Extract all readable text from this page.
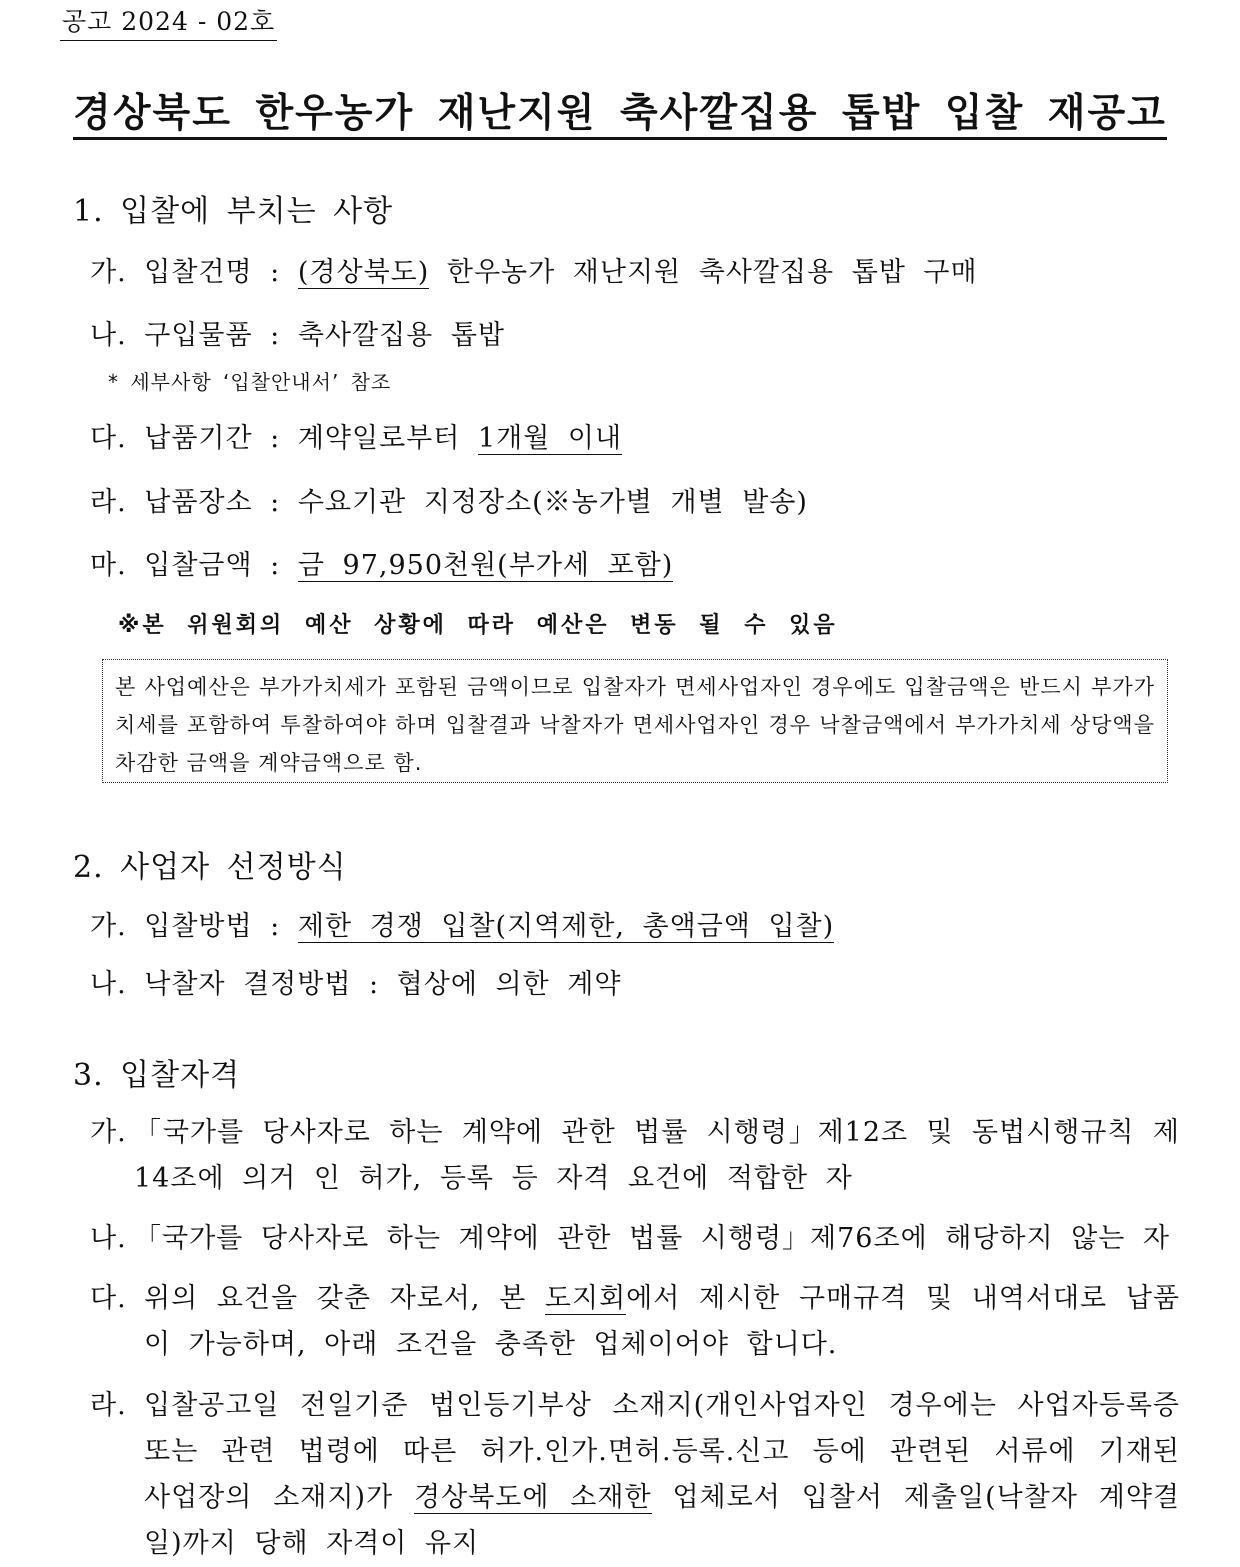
공고 2024 - 02호
경상북도 한우농가 재난지원 축사깔집용 톱밥 입찰 재공고
1. 입찰에 부치는 사항
가. 입찰건명 : (경상북도) 한우농가 재난지원 축사깔집용 톱밥 구매
나. 구입물품 : 축사깔집용 톱밥
* 세부사항 ‘입찰안내서’ 참조
다. 납품기간 : 계약일로부터 1개월 이내
라. 납품장소 : 수요기관 지정장소(※농가별 개별 발송)
마. 입찰금액 : 금 97,950천원(부가세 포함)
※본 위원회의 예산 상황에 따라 예산은 변동 될 수 있음
본 사업예산은 부가가치세가 포함된 금액이므로 입찰자가 면세사업자인 경우에도 입찰금액은 반드시 부가가치세를 포함하여 투찰하여야 하며 입찰결과 낙찰자가 면세사업자인 경우 낙찰금액에서 부가가치세 상당액을 차감한 금액을 계약금액으로 함.
2. 사업자 선정방식
가. 입찰방법 : 제한 경쟁 입찰(지역제한, 총액금액 입찰)
나. 낙찰자 결정방법 : 협상에 의한 계약
3. 입찰자격
가. 「국가를 당사자로 하는 계약에 관한 법률 시행령」제12조 및 동법시행규칙 제14조에 의거 인 허가, 등록 등 자격 요건에 적합한 자
나. 「국가를 당사자로 하는 계약에 관한 법률 시행령」제76조에 해당하지 않는 자
다. 위의 요건을 갖춘 자로서, 본 도지회에서 제시한 구매규격 및 내역서대로 납품이 가능하며, 아래 조건을 충족한 업체이어야 합니다.
라. 입찰공고일 전일기준 법인등기부상 소재지(개인사업자인 경우에는 사업자등록증 또는 관련 법령에 따른 허가.인가.면허.등록.신고 등에 관련된 서류에 기재된 사업장의 소재지)가 경상북도에 소재한 업체로서 입찰서 제출일(낙찰자 계약결일)까지 당해 자격이 유지
